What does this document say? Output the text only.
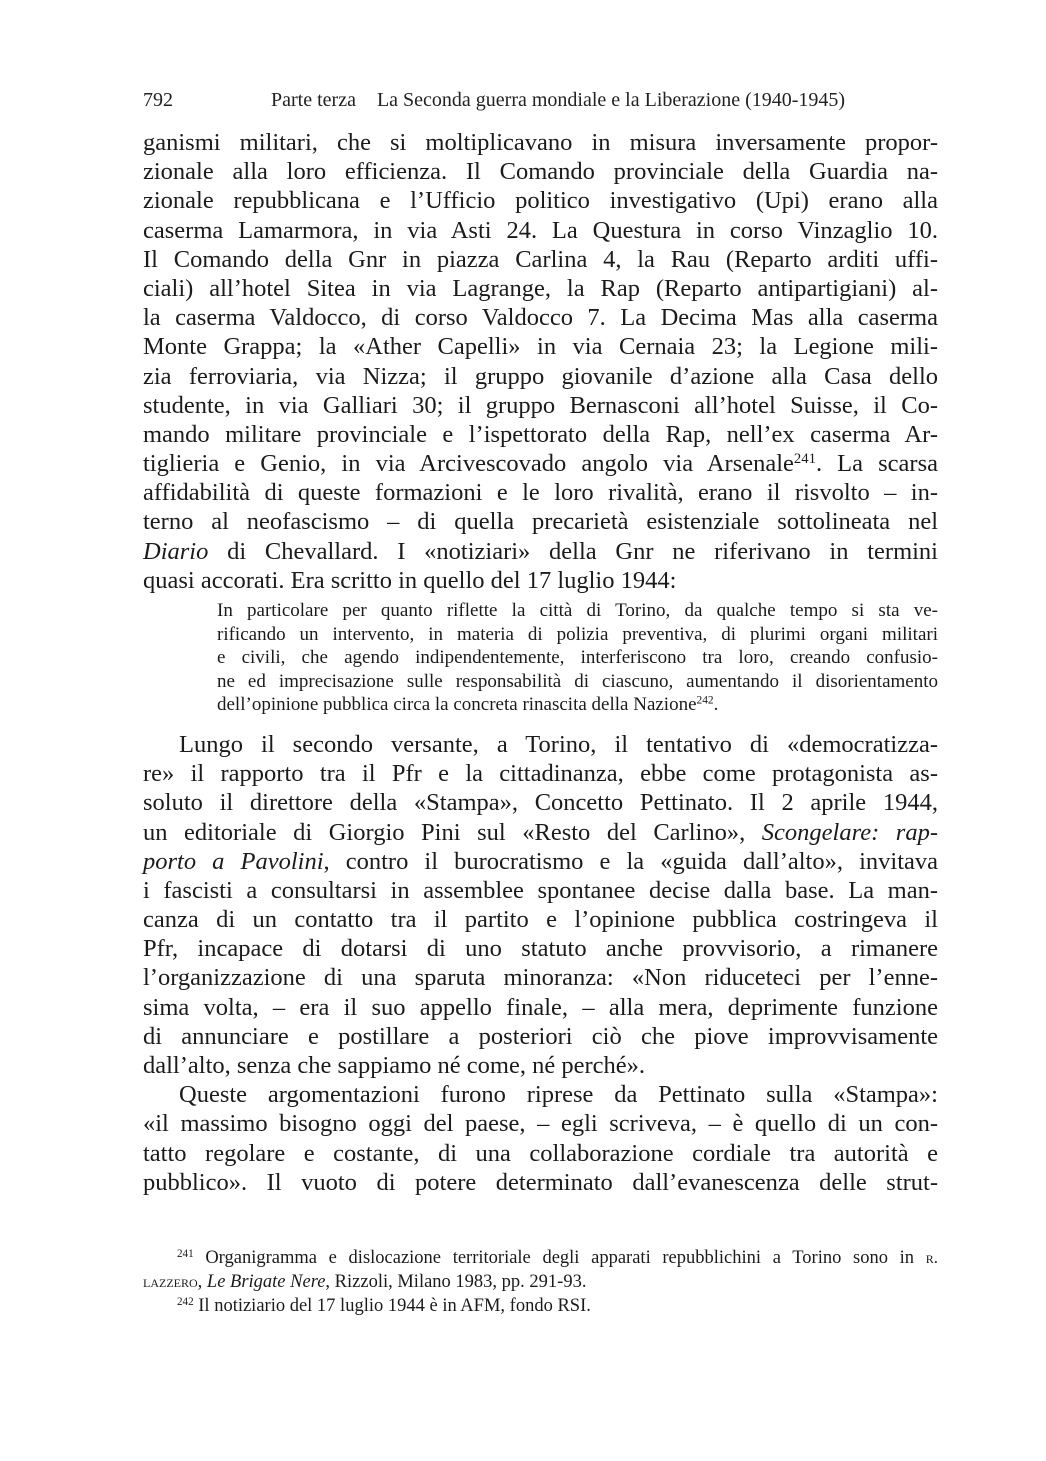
792	Parte terza La Seconda guerra mondiale e la Liberazione (1940-1945)
ganismi militari, che si moltiplicavano in misura inversamente propor-
zionale alla loro efficienza. Il Comando provinciale della Guardia na-
zionale repubblicana e l’Ufficio politico investigativo (Upi) erano alla
caserma Lamarmora, in via Asti 24. La Questura in corso Vinzaglio 10.
Il Comando della Gnr in piazza Carlina 4, la Rau (Reparto arditi uffi-
ciali) all’hotel Sitea in via Lagrange, la Rap (Reparto antipartigiani) al-
la caserma Valdocco, di corso Valdocco 7. La Decima Mas alla caserma
Monte Grappa; la «Ather Capelli» in via Cernaia 23; la Legione mili-
zia ferroviaria, via Nizza; il gruppo giovanile d’azione alla Casa dello
studente, in via Galliari 30; il gruppo Bernasconi all’hotel Suisse, il Co-
mando militare provinciale e l’ispettorato della Rap, nell’ex caserma Ar-
tiglieria e Genio, in via Arcivescovado angolo via Arsenale$^{241}$. La scarsa
affidabilità di queste formazioni e le loro rivalità, erano il risvolto – in-
terno al neofascismo – di quella precarietà esistenziale sottolineata nel
Diario di Chevallard. I «notiziari» della Gnr ne riferivano in termini
quasi accorati. Era scritto in quello del 17 luglio 1944:
In particolare per quanto riflette la città di Torino, da qualche tempo si sta ve-
rificando un intervento, in materia di polizia preventiva, di plurimi organi militari
e civili, che agendo indipendentemente, interferiscono tra loro, creando confusio-
ne ed imprecisazione sulle responsabilità di ciascuno, aumentando il disorientamento
dell’opinione pubblica circa la concreta rinascita della Nazione$^{242}$.
Lungo il secondo versante, a Torino, il tentativo di «democratizza-
re» il rapporto tra il Pfr e la cittadinanza, ebbe come protagonista as-
soluto il direttore della «Stampa», Concetto Pettinato. Il 2 aprile 1944,
un editoriale di Giorgio Pini sul «Resto del Carlino», Scongelare: rap-
porto a Pavolini, contro il burocratismo e la «guida dall’alto», invitava
i fascisti a consultarsi in assemblee spontanee decise dalla base. La man-
canza di un contatto tra il partito e l’opinione pubblica costringeva il
Pfr, incapace di dotarsi di uno statuto anche provvisorio, a rimanere
l’organizzazione di una sparuta minoranza: «Non riduceteci per l’enne-
sima volta, – era il suo appello finale, – alla mera, deprimente funzione
di annunciare e postillare a posteriori ciò che piove improvvisamente
dall’alto, senza che sappiamo né come, né perché».
Queste argomentazioni furono riprese da Pettinato sulla «Stampa»:
«il massimo bisogno oggi del paese, – egli scriveva, – è quello di un con-
tatto regolare e costante, di una collaborazione cordiale tra autorità e
pubblico». Il vuoto di potere determinato dall’evanescenza delle strut-
$^{241}$ Organigramma e dislocazione territoriale degli apparati repubblichini a Torino sono in r.
lazzero, Le Brigate Nere, Rizzoli, Milano 1983, pp. 291-93.
$^{242}$ Il notiziario del 17 luglio 1944 è in AFM, fondo RSI.
